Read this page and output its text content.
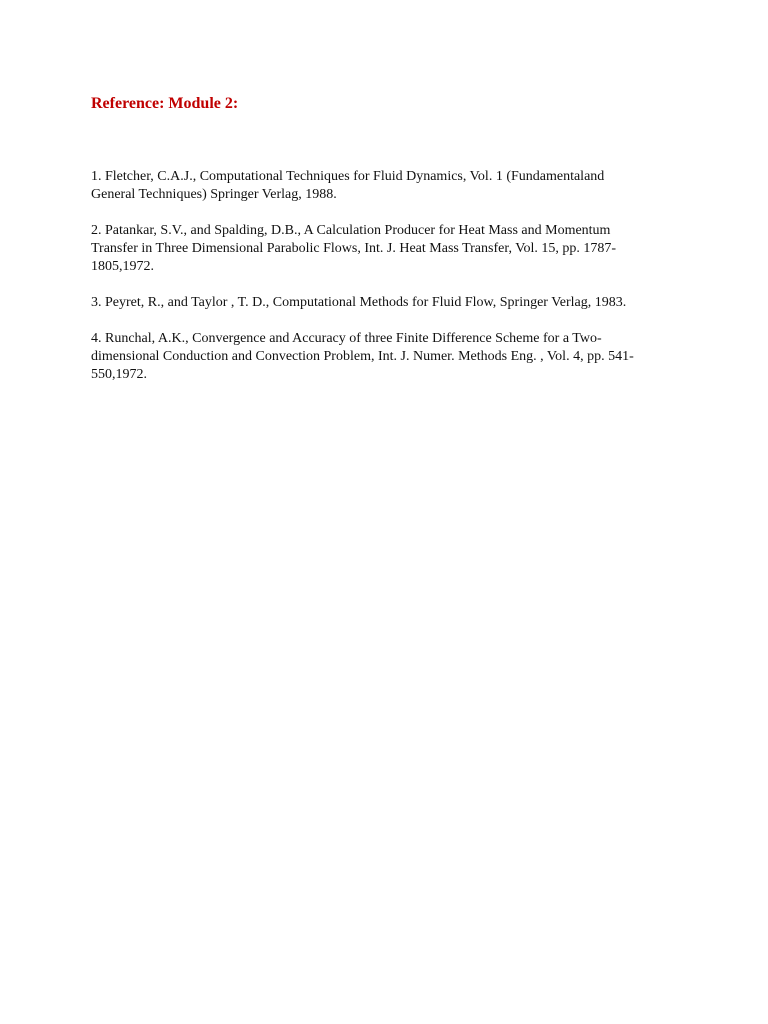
Reference: Module 2:
1. Fletcher, C.A.J., Computational Techniques for Fluid Dynamics, Vol. 1 (Fundamentaland
General Techniques) Springer Verlag, 1988.
2. Patankar, S.V., and Spalding, D.B., A Calculation Producer for Heat Mass and Momentum
Transfer in Three Dimensional Parabolic Flows, Int. J. Heat Mass Transfer, Vol. 15, pp. 1787-
1805,1972.
3. Peyret, R., and Taylor , T. D., Computational Methods for Fluid Flow, Springer Verlag, 1983.
4. Runchal, A.K., Convergence and Accuracy of three Finite Difference Scheme for a Two-
dimensional Conduction and Convection Problem, Int. J. Numer. Methods Eng. , Vol. 4, pp. 541-
550,1972.
